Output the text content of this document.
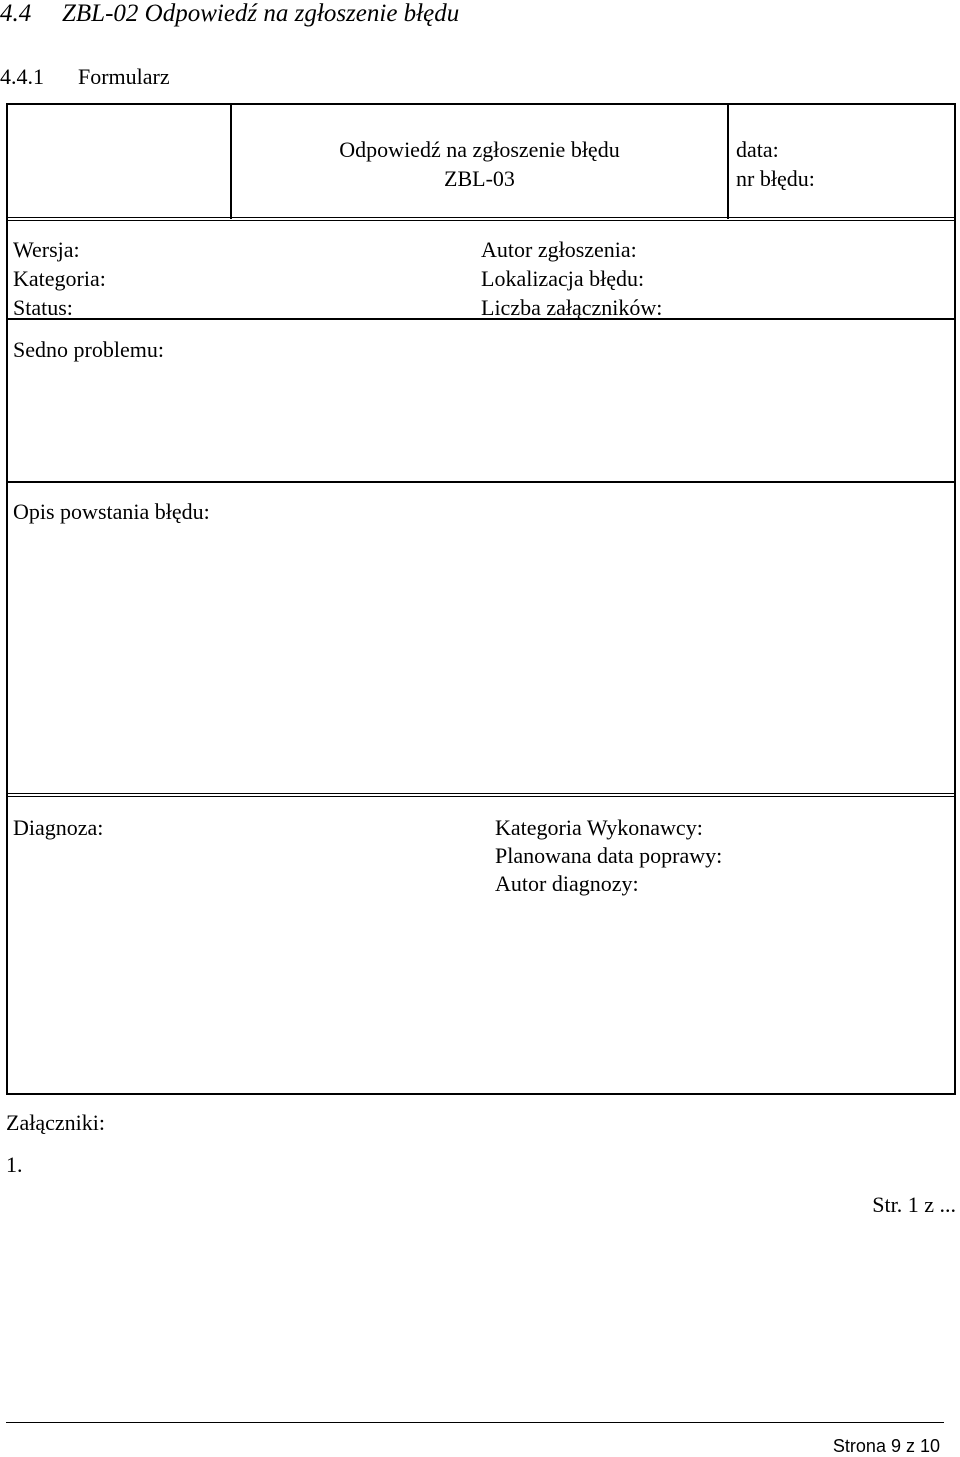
4.4 ZBL-02 Odpowiedź na zgłoszenie błędu
4.4.1 Formularz
Odpowiedź na zgłoszenie błędu
ZBL-03
data:
nr błędu:
Wersja:
Kategoria:
Status:
Autor zgłoszenia:
Lokalizacja błędu:
Liczba załączników:
Sedno problemu:
Opis powstania błędu:
Diagnoza:	Kategoria Wykonawcy:
Planowana data poprawy:
Autor diagnozy:
Załączniki:
1.
Str. 1 z ...
Strona 9 z 10
